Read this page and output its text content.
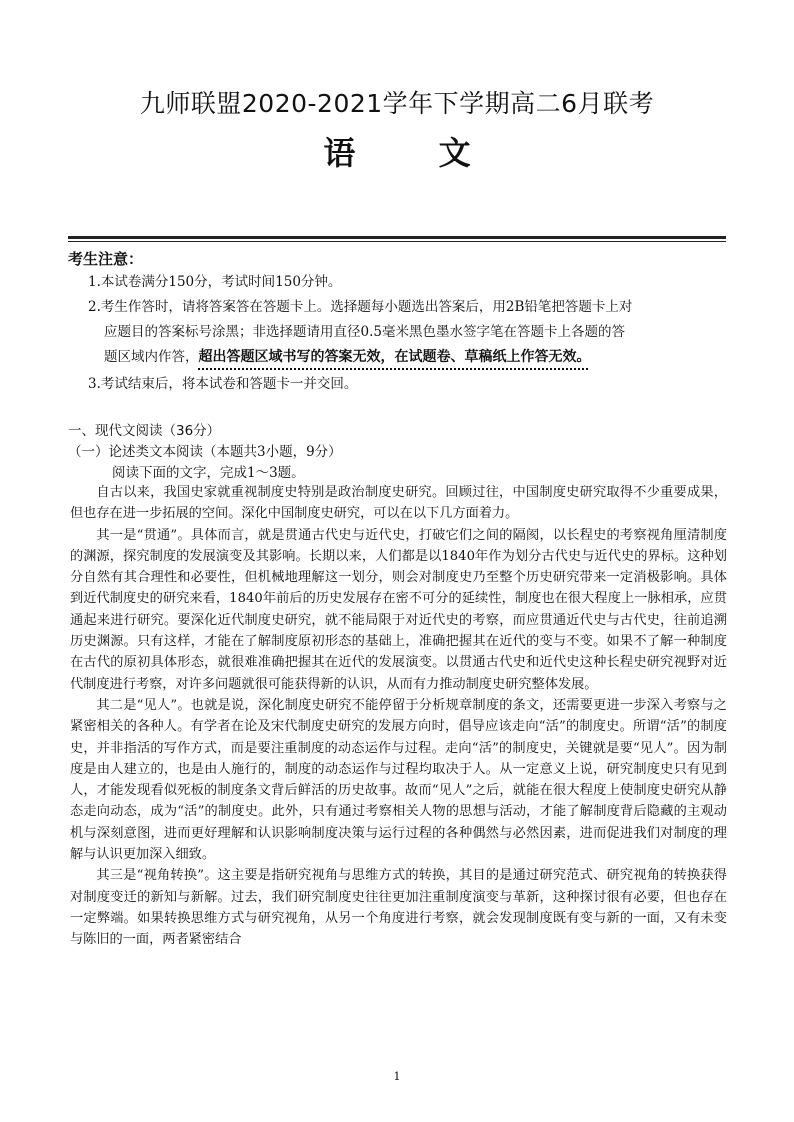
九师联盟2020-2021学年下学期高二6月联考
语 文
考生注意：
1.本试卷满分150分，考试时间150分钟。
2.考生作答时，请将答案答在答题卡上。选择题每小题选出答案后，用2B铅笔把答题卡上对
应题目的答案标号涂黑；非选择题请用直径0.5毫米黑色墨水签字笔在答题卡上各题的答
题区域内作答，超出答题区域书写的答案无效，在试题卷、草稿纸上作答无效。
3.考试结束后，将本试卷和答题卡一并交回。
一、现代文阅读（36分）
（一）论述类文本阅读（本题共3小题，9分）
阅读下面的文字，完成1～3题。

自古以来，我国史家就重视制度史特别是政治制度史研究。回顾过往，中国制度史研究取得不少重要成果，但也存在进一步拓展的空间。深化中国制度史研究，可以在以下几方面着力。

其一是“贯通”。具体而言，就是贯通古代史与近代史，打破它们之间的隔阂，以长程史的考察视角厘清制度的渊源，探究制度的发展演变及其影响。长期以来，人们都是以1840年作为划分古代史与近代史的界标。这种划分自然有其合理性和必要性，但机械地理解这一划分，则会对制度史乃至整个历史研究带来一定消极影响。具体到近代制度史的研究来看，1840年前后的历史发展存在密不可分的延续性，制度也在很大程度上一脉相承，应贯通起来进行研究。要深化近代制度史研究，就不能局限于对近代史的考察，而应贯通近代史与古代史，往前追溯历史渊源。只有这样，才能在了解制度原初形态的基础上，准确把握其在近代的变与不变。如果不了解一种制度在古代的原初具体形态，就很难准确把握其在近代的发展演变。以贯通古代史和近代史这种长程史研究视野对近代制度进行考察，对许多问题就很可能获得新的认识，从而有力推动制度史研究整体发展。

其二是“见人”。也就是说，深化制度史研究不能停留于分析规章制度的条文，还需要更进一步深入考察与之紧密相关的各种人。有学者在论及宋代制度史研究的发展方向时，倡导应该走向“活”的制度史。所谓“活”的制度史，并非指活的写作方式，而是要注重制度的动态运作与过程。走向“活”的制度史，关键就是要“见人”。因为制度是由人建立的，也是由人施行的，制度的动态运作与过程均取决于人。从一定意义上说，研究制度史只有见到人，才能发现看似死板的制度条文背后鲜活的历史故事。故而“见人”之后，就能在很大程度上使制度史研究从静态走向动态，成为“活”的制度史。此外，只有通过考察相关人物的思想与活动，才能了解制度背后隐藏的主观动机与深刻意图，进而更好理解和认识影响制度决策与运行过程的各种偶然与必然因素，进而促进我们对制度的理解与认识更加深入细致。

其三是“视角转换”。这主要是指研究视角与思维方式的转换，其目的是通过研究范式、研究视角的转换获得对制度变迁的新知与新解。过去，我们研究制度史往往更加注重制度演变与革新，这种探讨很有必要，但也存在一定弊端。如果转换思维方式与研究视角，从另一个角度进行考察，就会发现制度既有变与新的一面，又有未变与陈旧的一面，两者紧密结合

1
